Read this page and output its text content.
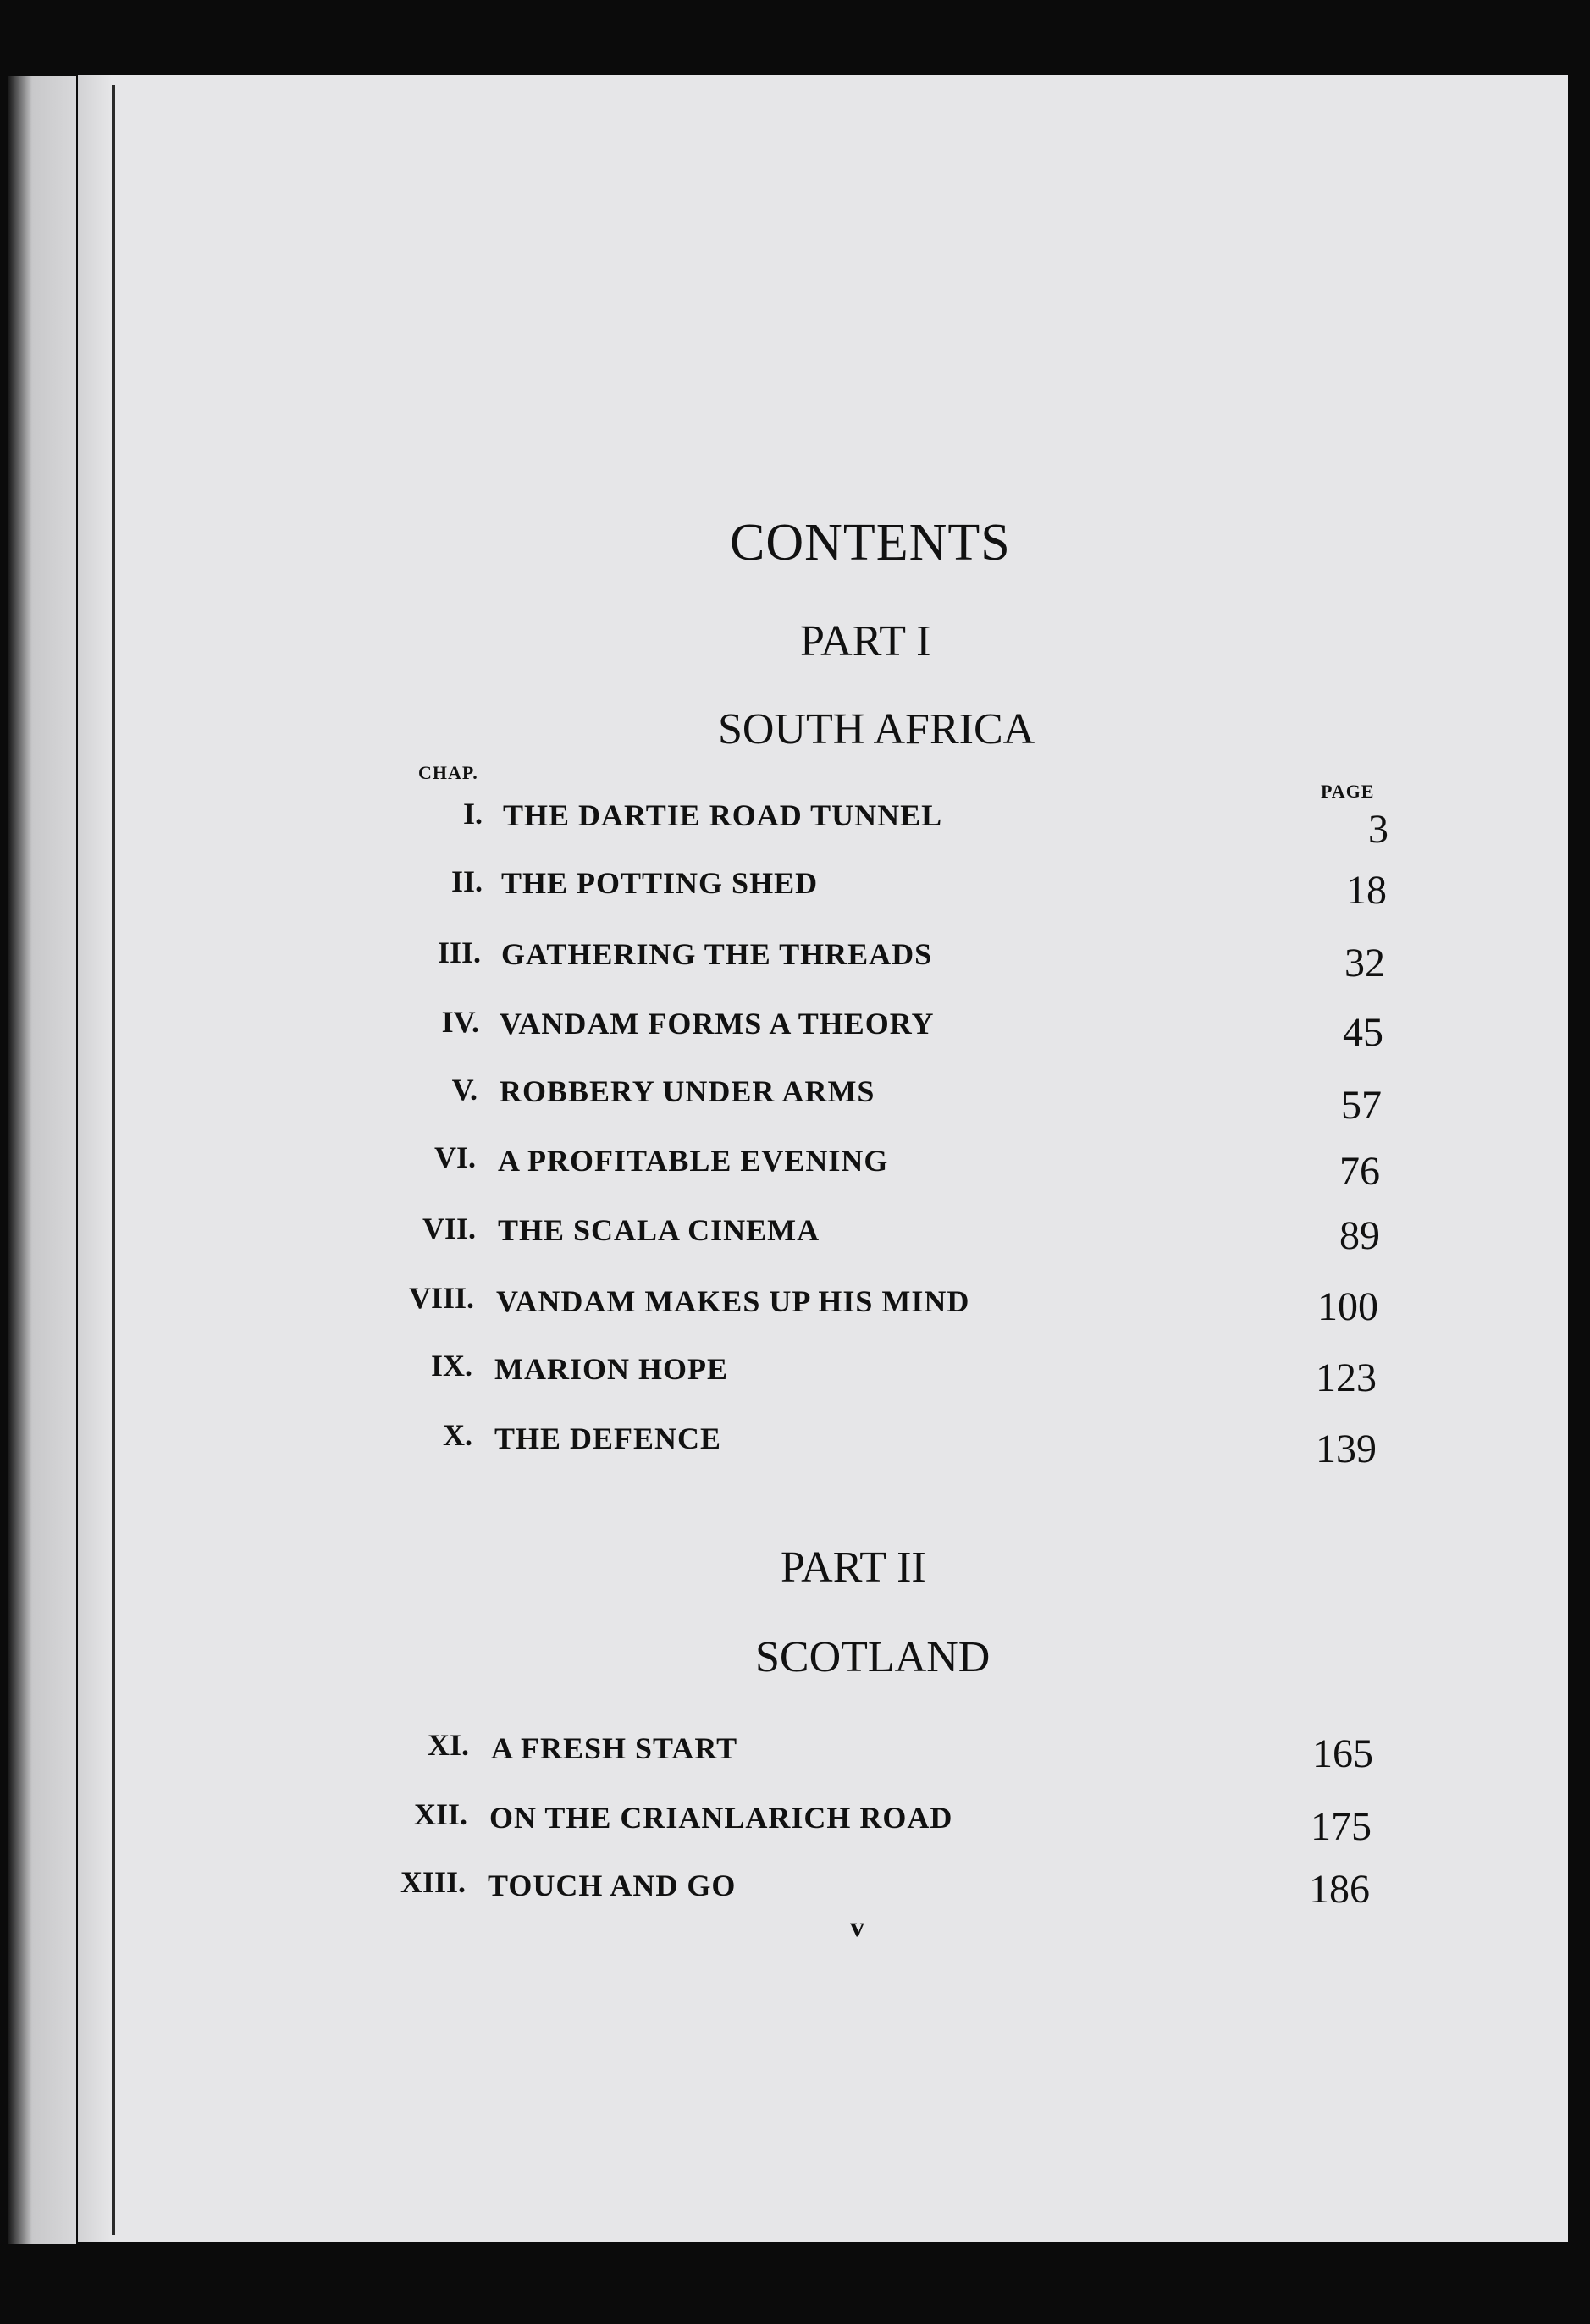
CONTENTS
PART I
SOUTH AFRICA
CHAP.
PAGE
I. THE DARTIE ROAD TUNNEL	3
II. THE POTTING SHED	18
III. GATHERING THE THREADS	32
IV. VANDAM FORMS A THEORY	45
V. ROBBERY UNDER ARMS	57
VI. A PROFITABLE EVENING	76
VII. THE SCALA CINEMA	89
VIII. VANDAM MAKES UP HIS MIND	100
IX. MARION HOPE	123
X. THE DEFENCE	139
PART II
SCOTLAND
XI. A FRESH START	165
XII. ON THE CRIANLARICH ROAD	175
XIII. TOUCH AND GO	186
v
